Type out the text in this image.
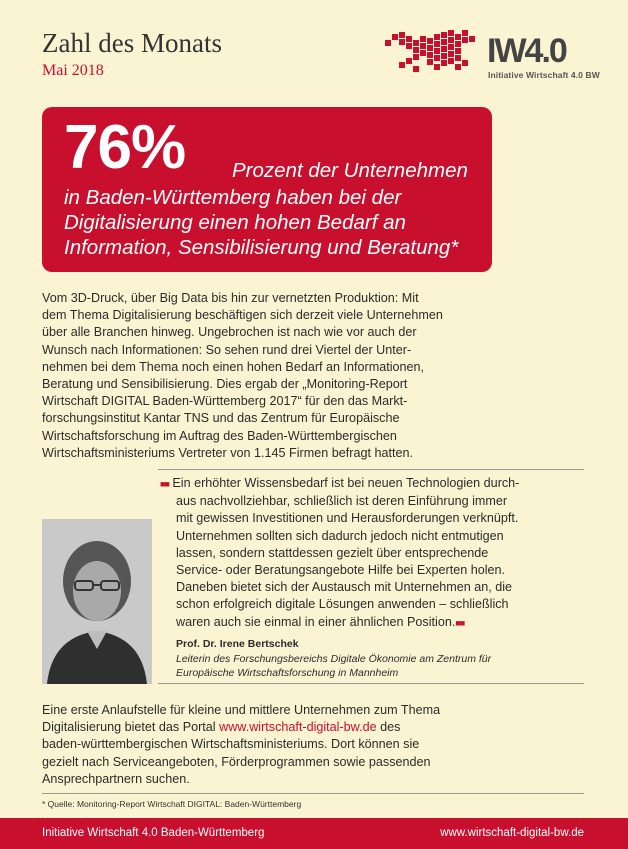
Zahl des Monats
Mai 2018
IW4.0
Initiative Wirtschaft 4.0 BW
76% Prozent der Unternehmen
in Baden-Württemberg haben bei der
Digitalisierung einen hohen Bedarf an
Information, Sensibilisierung und Beratung*
Vom 3D-Druck, über Big Data bis hin zur vernetzten Produktion: Mit
dem Thema Digitalisierung beschäftigen sich derzeit viele Unternehmen
über alle Branchen hinweg. Ungebrochen ist nach wie vor auch der
Wunsch nach Informationen: So sehen rund drei Viertel der Unter-
nehmen bei dem Thema noch einen hohen Bedarf an Informationen,
Beratung und Sensibilisierung. Dies ergab der „Monitoring-Report
Wirtschaft DIGITAL Baden-Württemberg 2017“ für den das Markt-
forschungsinstitut Kantar TNS und das Zentrum für Europäische
Wirtschaftsforschung im Auftrag des Baden-Württembergischen
Wirtschaftsministeriums Vertreter von 1.145 Firmen befragt hatten.
■■ Ein erhöhter Wissensbedarf ist bei neuen Technologien durch-
aus nachvollziehbar, schließlich ist deren Einführung immer
mit gewissen Investitionen und Herausforderungen verknüpft.
Unternehmen sollten sich dadurch jedoch nicht entmutigen
lassen, sondern stattdessen gezielt über entsprechende
Service- oder Beratungsangebote Hilfe bei Experten holen.
Daneben bietet sich der Austausch mit Unternehmen an, die
schon erfolgreich digitale Lösungen anwenden – schließlich
waren auch sie einmal in einer ähnlichen Position.■■
Prof. Dr. Irene Bertschek
Leiterin des Forschungsbereichs Digitale Ökonomie am Zentrum für
Europäische Wirtschaftsforschung in Mannheim
Eine erste Anlaufstelle für kleine und mittlere Unternehmen zum Thema
Digitalisierung bietet das Portal www.wirtschaft-digital-bw.de des
baden-württembergischen Wirtschaftsministeriums. Dort können sie
gezielt nach Serviceangeboten, Förderprogrammen sowie passenden
Ansprechpartnern suchen.
* Quelle: Monitoring-Report Wirtschaft DIGITAL: Baden-Württemberg
Initiative Wirtschaft 4.0 Baden-Württemberg	www.wirtschaft-digital-bw.de
